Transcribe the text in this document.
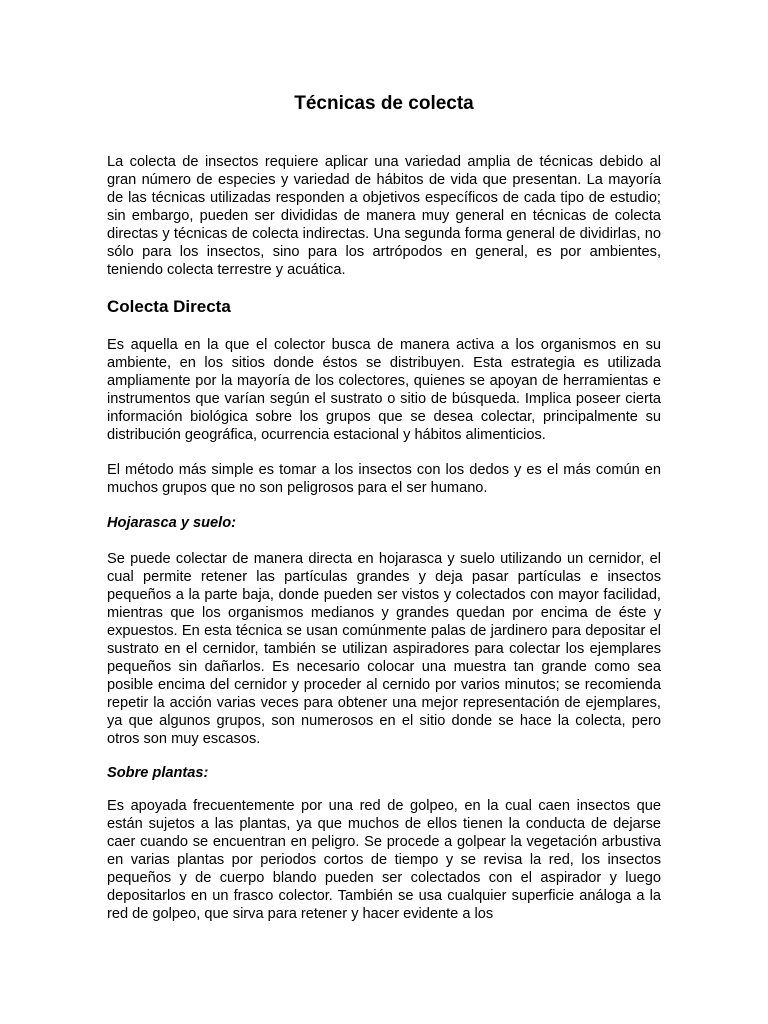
Técnicas de colecta

La colecta de insectos requiere aplicar una variedad amplia de técnicas debido al gran número de especies y variedad de hábitos de vida que presentan. La mayoría de las técnicas utilizadas responden a objetivos específicos de cada tipo de estudio; sin embargo, pueden ser divididas de manera muy general en técnicas de colecta directas y técnicas de colecta indirectas. Una segunda forma general de dividirlas, no sólo para los insectos, sino para los artrópodos en general, es por ambientes, teniendo colecta terrestre y acuática.

Colecta Directa

Es aquella en la que el colector busca de manera activa a los organismos en su ambiente, en los sitios donde éstos se distribuyen. Esta estrategia es utilizada ampliamente por la mayoría de los colectores, quienes se apoyan de herramientas e instrumentos que varían según el sustrato o sitio de búsqueda. Implica poseer cierta información biológica sobre los grupos que se desea colectar, principalmente su distribución geográfica, ocurrencia estacional y hábitos alimenticios.

El método más simple es tomar a los insectos con los dedos y es el más común en muchos grupos que no son peligrosos para el ser humano.

Hojarasca y suelo:

Se puede colectar de manera directa en hojarasca y suelo utilizando un cernidor, el cual permite retener las partículas grandes y deja pasar partículas e insectos pequeños a la parte baja, donde pueden ser vistos y colectados con mayor facilidad, mientras que los organismos medianos y grandes quedan por encima de éste y expuestos. En esta técnica se usan comúnmente palas de jardinero para depositar el sustrato en el cernidor, también se utilizan aspiradores para colectar los ejemplares pequeños sin dañarlos. Es necesario colocar una muestra tan grande como sea posible encima del cernidor y proceder al cernido por varios minutos; se recomienda repetir la acción varias veces para obtener una mejor representación de ejemplares, ya que algunos grupos, son numerosos en el sitio donde se hace la colecta, pero otros son muy escasos.

Sobre plantas:

Es apoyada frecuentemente por una red de golpeo, en la cual caen insectos que están sujetos a las plantas, ya que muchos de ellos tienen la conducta de dejarse caer cuando se encuentran en peligro. Se procede a golpear la vegetación arbustiva en varias plantas por periodos cortos de tiempo y se revisa la red, los insectos pequeños y de cuerpo blando pueden ser colectados con el aspirador y luego depositarlos en un frasco colector. También se usa cualquier superficie análoga a la red de golpeo, que sirva para retener y hacer evidente a los
